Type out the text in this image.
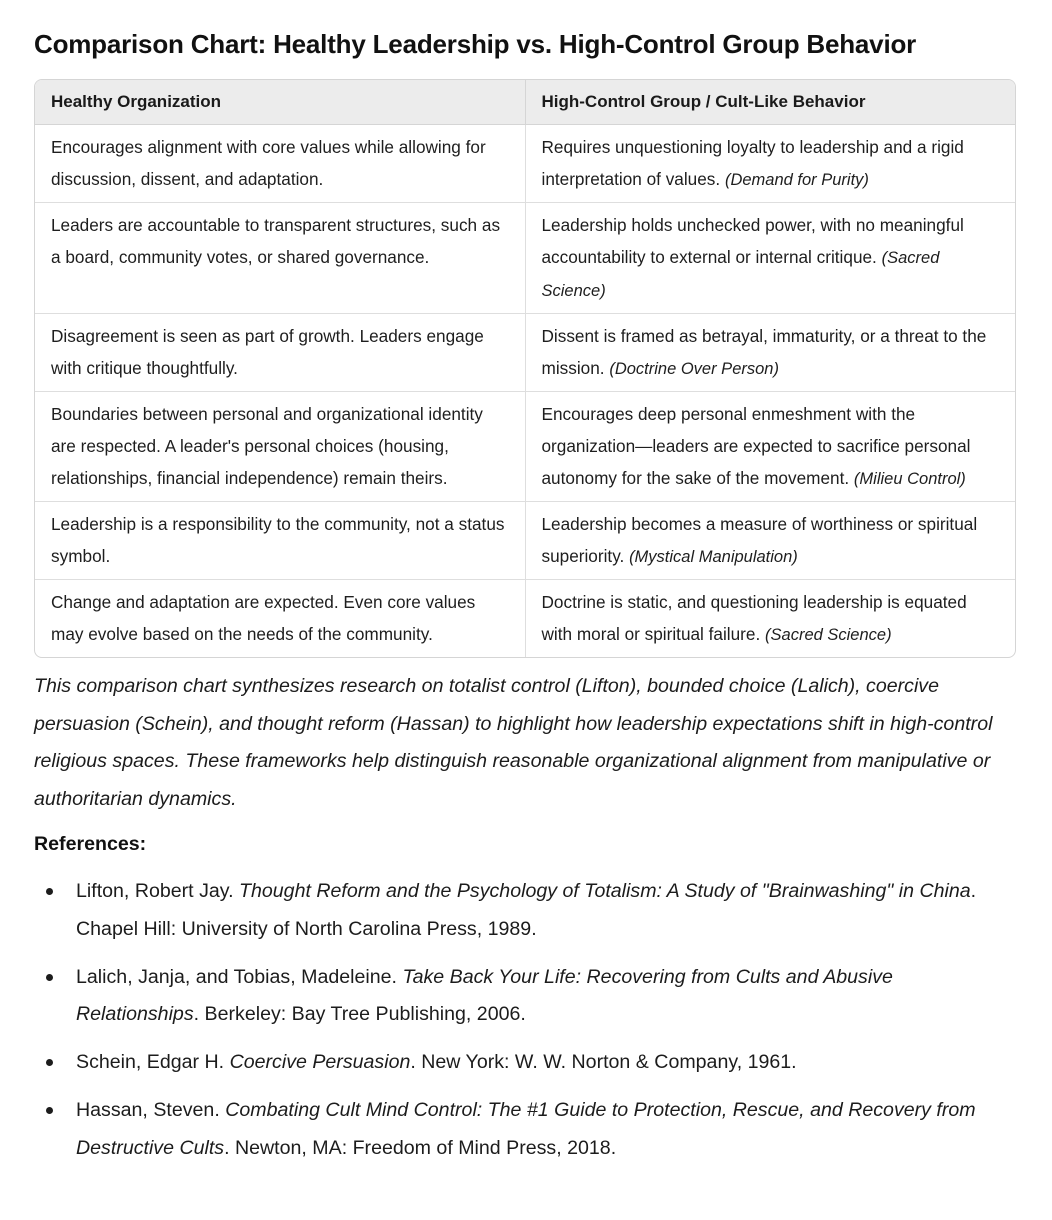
Comparison Chart: Healthy Leadership vs. High-Control Group Behavior
Healthy Organization	High-Control Group / Cult-Like Behavior
Encourages alignment with core values while allowing for discussion, dissent, and adaptation.	Requires unquestioning loyalty to leadership and a rigid interpretation of values. (Demand for Purity)
Leaders are accountable to transparent structures, such as a board, community votes, or shared governance.	Leadership holds unchecked power, with no meaningful accountability to external or internal critique. (Sacred Science)
Disagreement is seen as part of growth. Leaders engage with critique thoughtfully.	Dissent is framed as betrayal, immaturity, or a threat to the mission. (Doctrine Over Person)
Boundaries between personal and organizational identity are respected. A leader's personal choices (housing, relationships, financial independence) remain theirs.	Encourages deep personal enmeshment with the organization—leaders are expected to sacrifice personal autonomy for the sake of the movement. (Milieu Control)
Leadership is a responsibility to the community, not a status symbol.	Leadership becomes a measure of worthiness or spiritual superiority. (Mystical Manipulation)
Change and adaptation are expected. Even core values may evolve based on the needs of the community.	Doctrine is static, and questioning leadership is equated with moral or spiritual failure. (Sacred Science)

This comparison chart synthesizes research on totalist control (Lifton), bounded choice (Lalich), coercive persuasion (Schein), and thought reform (Hassan) to highlight how leadership expectations shift in high-control religious spaces. These frameworks help distinguish reasonable organizational alignment from manipulative or authoritarian dynamics.

References:
Lifton, Robert Jay. Thought Reform and the Psychology of Totalism: A Study of "Brainwashing" in China. Chapel Hill: University of North Carolina Press, 1989.
Lalich, Janja, and Tobias, Madeleine. Take Back Your Life: Recovering from Cults and Abusive Relationships. Berkeley: Bay Tree Publishing, 2006.
Schein, Edgar H. Coercive Persuasion. New York: W. W. Norton & Company, 1961.
Hassan, Steven. Combating Cult Mind Control: The #1 Guide to Protection, Rescue, and Recovery from Destructive Cults. Newton, MA: Freedom of Mind Press, 2018.
